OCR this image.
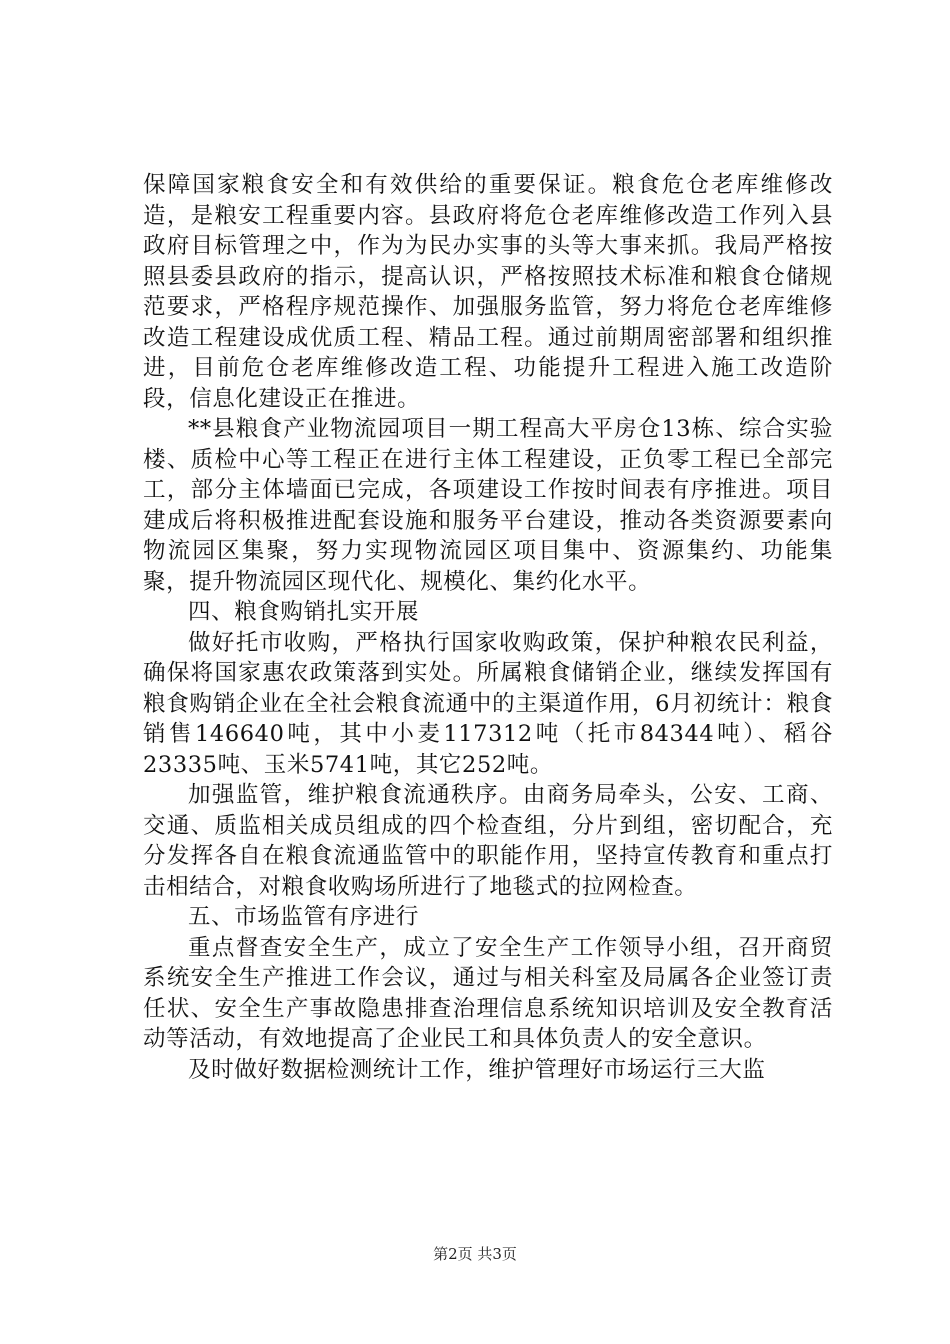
保障国家粮食安全和有效供给的重要保证。粮食危仓老库维修改造，是粮安工程重要内容。县政府将危仓老库维修改造工作列入县政府目标管理之中，作为为民办实事的头等大事来抓。我局严格按照县委县政府的指示，提高认识，严格按照技术标准和粮食仓储规范要求，严格程序规范操作、加强服务监管，努力将危仓老库维修改造工程建设成优质工程、精品工程。通过前期周密部署和组织推进，目前危仓老库维修改造工程、功能提升工程进入施工改造阶段，信息化建设正在推进。

**县粮食产业物流园项目一期工程高大平房仓13栋、综合实验楼、质检中心等工程正在进行主体工程建设，正负零工程已全部完工，部分主体墙面已完成，各项建设工作按时间表有序推进。项目建成后将积极推进配套设施和服务平台建设，推动各类资源要素向物流园区集聚，努力实现物流园区项目集中、资源集约、功能集聚，提升物流园区现代化、规模化、集约化水平。

四、粮食购销扎实开展

做好托市收购，严格执行国家收购政策，保护种粮农民利益，确保将国家惠农政策落到实处。所属粮食储销企业，继续发挥国有粮食购销企业在全社会粮食流通中的主渠道作用，6月初统计：粮食销售146640吨，其中小麦117312吨（托市84344吨）、稻谷23335吨、玉米5741吨，其它252吨。

加强监管，维护粮食流通秩序。由商务局牵头，公安、工商、交通、质监相关成员组成的四个检查组，分片到组，密切配合，充分发挥各自在粮食流通监管中的职能作用，坚持宣传教育和重点打击相结合，对粮食收购场所进行了地毯式的拉网检查。

五、市场监管有序进行

重点督查安全生产，成立了安全生产工作领导小组，召开商贸系统安全生产推进工作会议，通过与相关科室及局属各企业签订责任状、安全生产事故隐患排查治理信息系统知识培训及安全教育活动等活动，有效地提高了企业民工和具体负责人的安全意识。

及时做好数据检测统计工作，维护管理好市场运行三大监

第2页 共3页
